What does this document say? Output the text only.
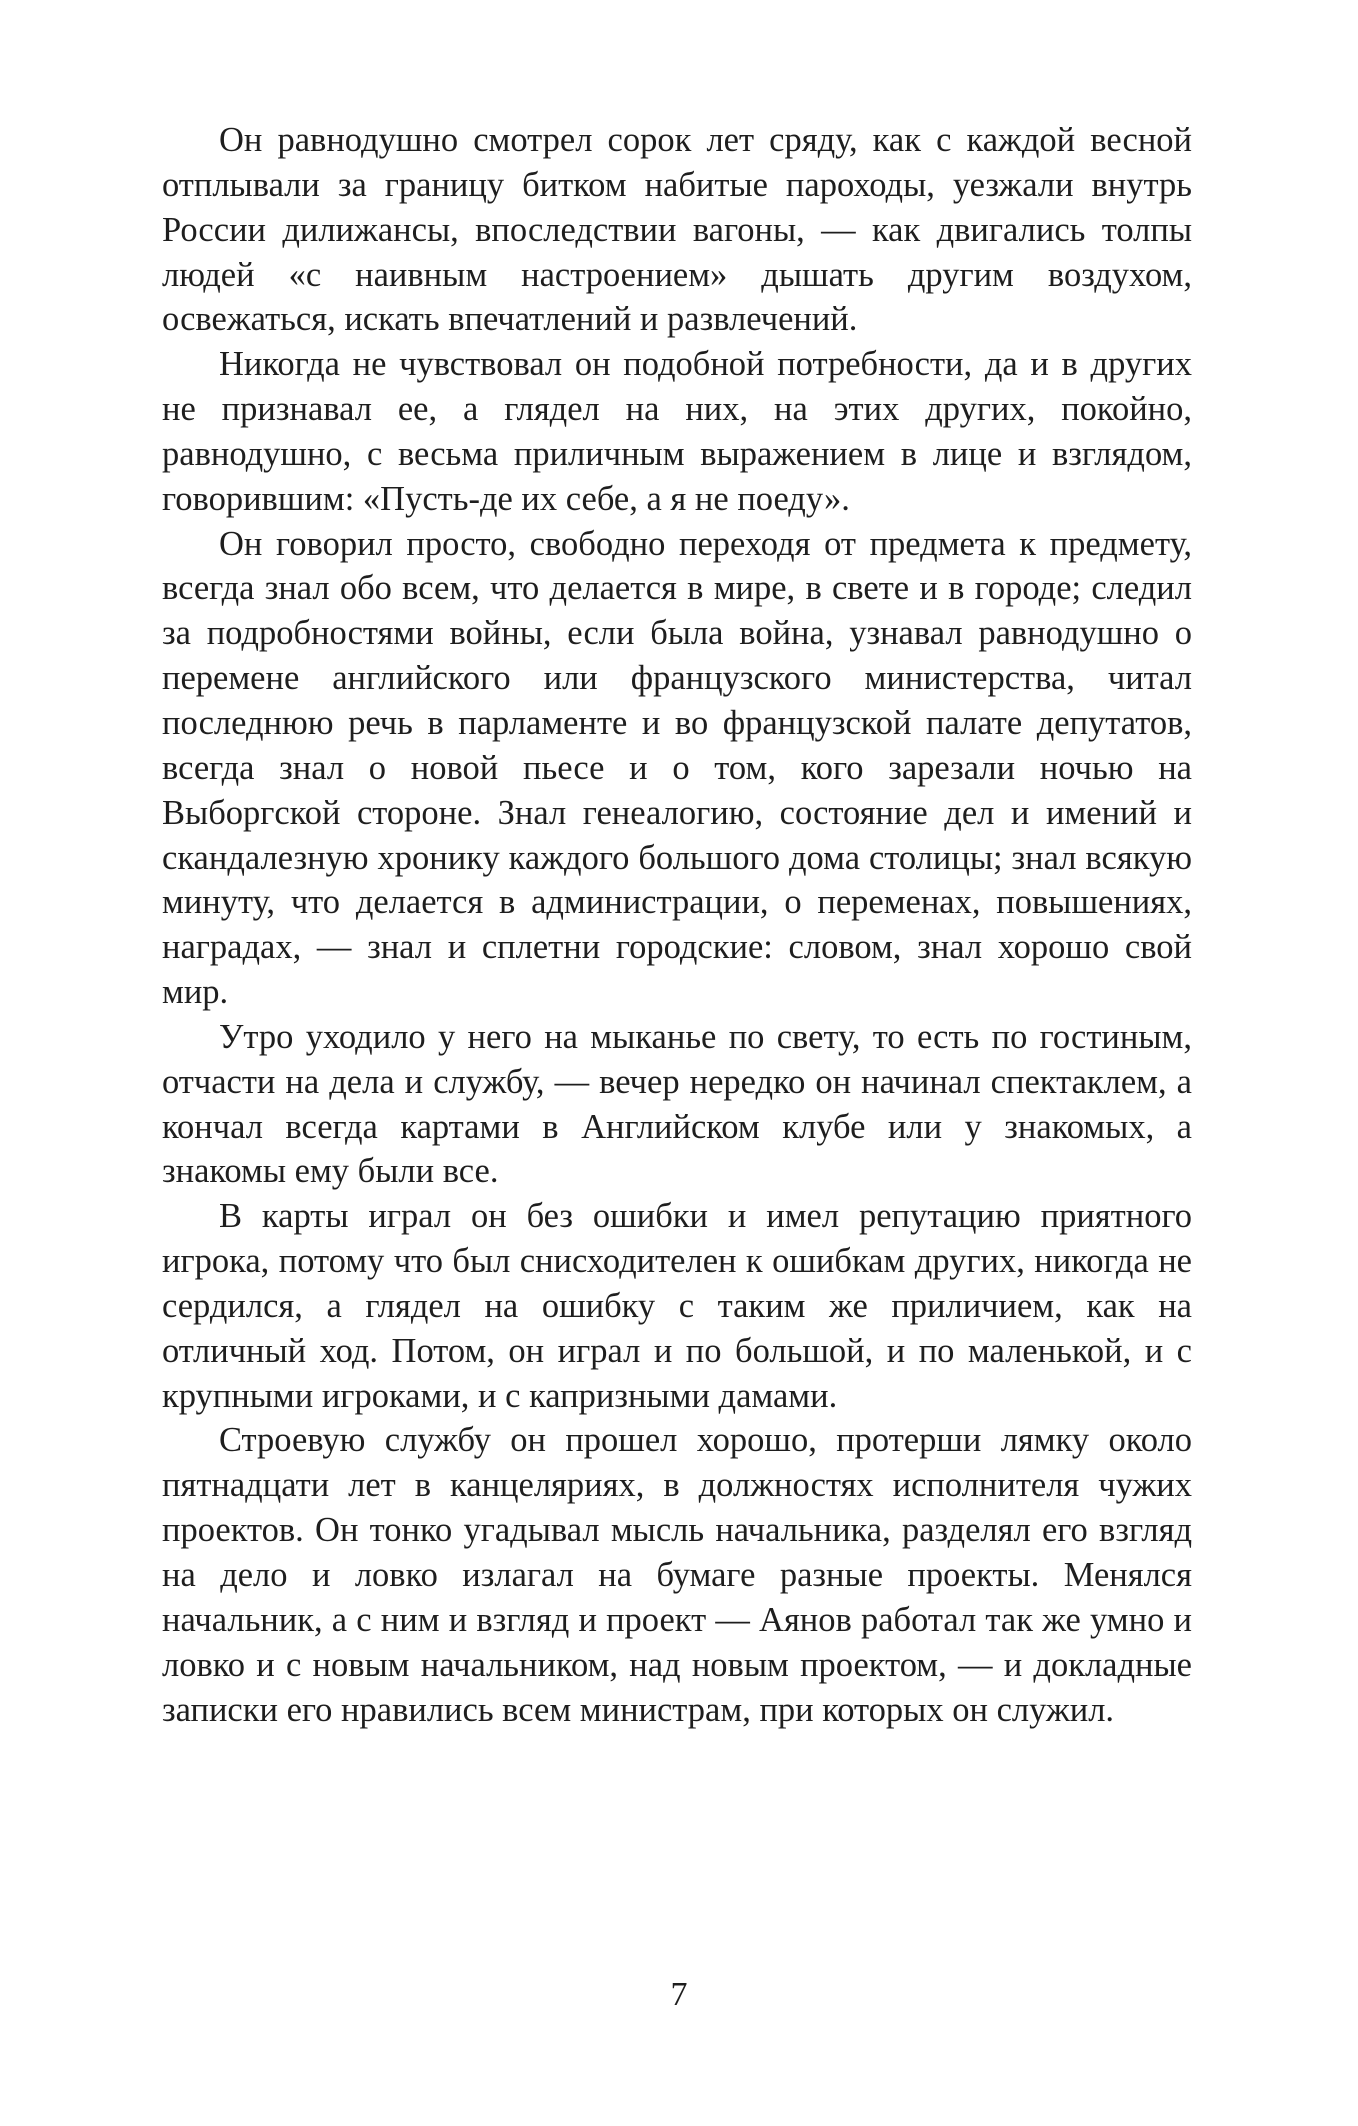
Он равнодушно смотрел сорок лет сряду, как с каждой весной отплывали за границу битком набитые пароходы, уезжали внутрь России дилижансы, впоследствии вагоны, — как двигались толпы людей «с наивным настроением» дышать другим воздухом, освежаться, искать впечатлений и развлечений.

Никогда не чувствовал он подобной потребности, да и в других не признавал ее, а глядел на них, на этих других, покойно, равнодушно, с весьма приличным выражением в лице и взглядом, говорившим: «Пусть-де их себе, а я не поеду».

Он говорил просто, свободно переходя от предмета к предмету, всегда знал обо всем, что делается в мире, в свете и в городе; следил за подробностями войны, если была война, узнавал равнодушно о перемене английского или французского министерства, читал последнюю речь в парламенте и во французской палате депутатов, всегда знал о новой пьесе и о том, кого зарезали ночью на Выборгской стороне. Знал генеалогию, состояние дел и имений и скандалезную хронику каждого большого дома столицы; знал всякую минуту, что делается в администрации, о переменах, повышениях, наградах, — знал и сплетни городские: словом, знал хорошо свой мир.

Утро уходило у него на мыканье по свету, то есть по гостиным, отчасти на дела и службу, — вечер нередко он начинал спектаклем, а кончал всегда картами в Английском клубе или у знакомых, а знакомы ему были все.

В карты играл он без ошибки и имел репутацию приятного игрока, потому что был снисходителен к ошибкам других, никогда не сердился, а глядел на ошибку с таким же приличием, как на отличный ход. Потом, он играл и по большой, и по маленькой, и с крупными игроками, и с капризными дамами.

Строевую службу он прошел хорошо, протерши лямку около пятнадцати лет в канцеляриях, в должностях исполнителя чужих проектов. Он тонко угадывал мысль начальника, разделял его взгляд на дело и ловко излагал на бумаге разные проекты. Менялся начальник, а с ним и взгляд и проект — Аянов работал так же умно и ловко и с новым начальником, над новым проектом, — и докладные записки его нравились всем министрам, при которых он служил.

7
